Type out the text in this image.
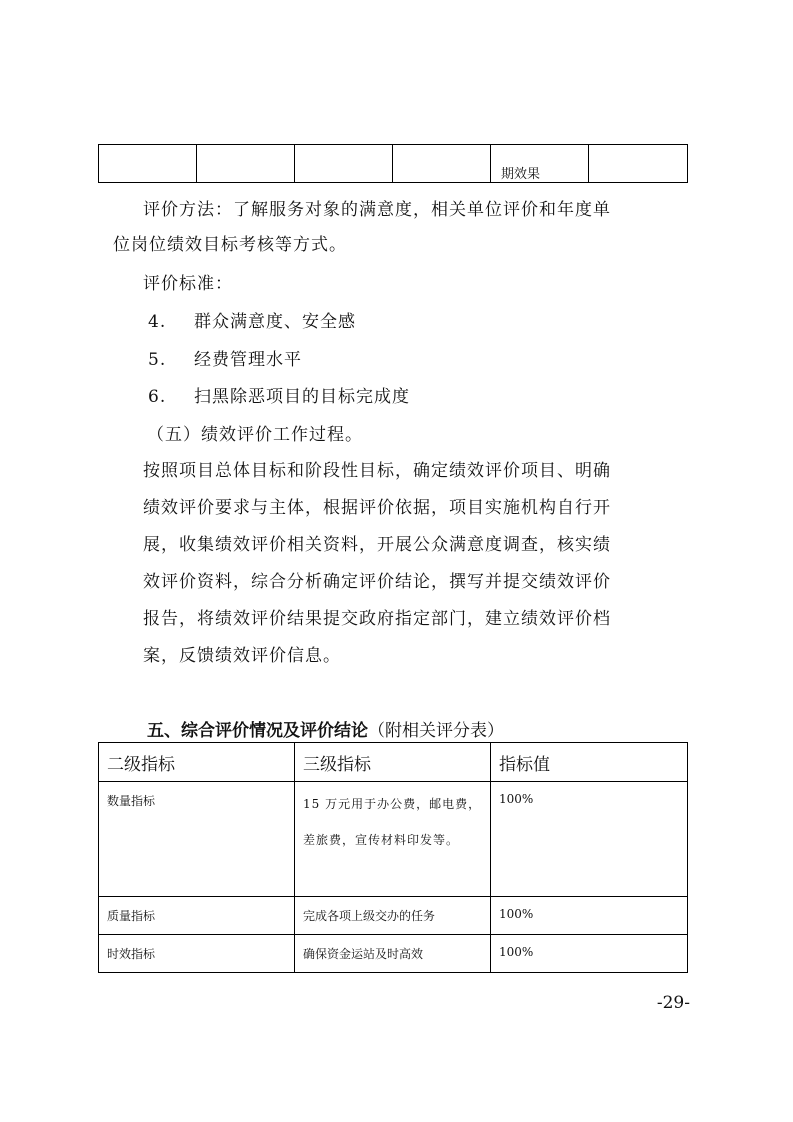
期效果

评价方法：了解服务对象的满意度，相关单位评价和年度单
位岗位绩效目标考核等方式。
评价标准：
4. 群众满意度、安全感
5. 经费管理水平
6. 扫黑除恶项目的目标完成度
（五）绩效评价工作过程。
按照项目总体目标和阶段性目标，确定绩效评价项目、明确
绩效评价要求与主体，根据评价依据，项目实施机构自行开
展，收集绩效评价相关资料，开展公众满意度调查，核实绩
效评价资料，综合分析确定评价结论，撰写并提交绩效评价
报告，将绩效评价结果提交政府指定部门，建立绩效评价档
案，反馈绩效评价信息。
五、综合评价情况及评价结论（附相关评分表）
二级指标	三级指标	指标值
数量指标	15 万元用于办公费，邮电费，差旅费，宣传材料印发等。	100%
质量指标	完成各项上级交办的任务	100%
时效指标	确保资金运站及时高效	100%
-29-
